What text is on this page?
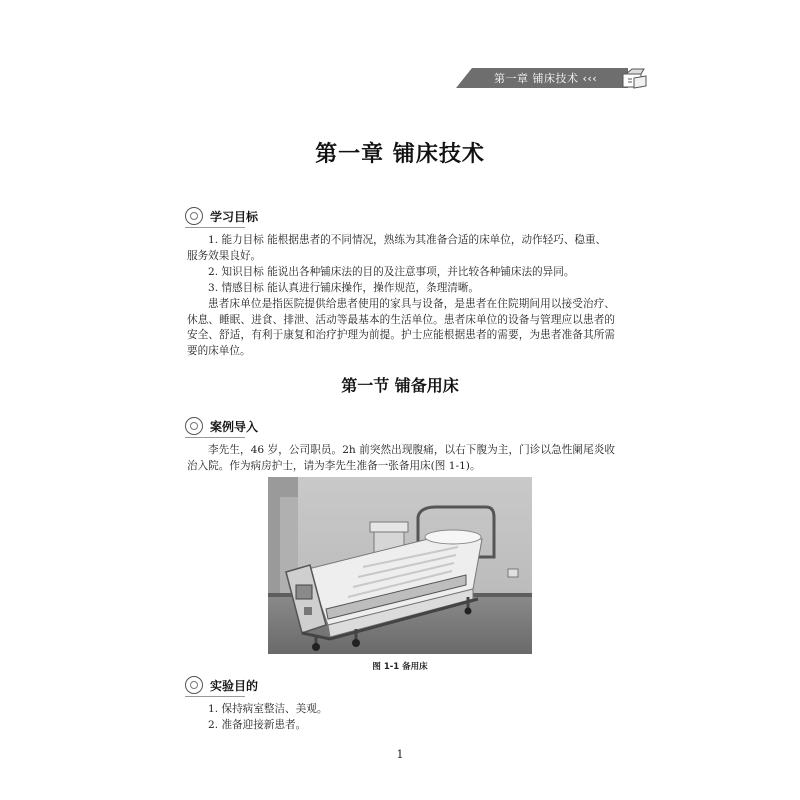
第一章 铺床技术 ‹‹‹
第一章 铺床技术
学习目标
1. 能力目标 能根据患者的不同情况，熟练为其准备合适的床单位，动作轻巧、稳重、
服务效果良好。
2. 知识目标 能说出各种铺床法的目的及注意事项，并比较各种铺床法的异同。
3. 情感目标 能认真进行铺床操作，操作规范，条理清晰。
患者床单位是指医院提供给患者使用的家具与设备，是患者在住院期间用以接受治疗、休息、睡眠、进食、排泄、活动等最基本的生活单位。患者床单位的设备与管理应以患者的安全、舒适，有利于康复和治疗护理为前提。护士应能根据患者的需要，为患者准备其所需要的床单位。
第一节 铺备用床
案例导入
李先生，46 岁，公司职员。2h 前突然出现腹痛，以右下腹为主，门诊以急性阑尾炎收治入院。作为病房护士，请为李先生准备一张备用床(图 1-1)。
图 1-1 备用床
实验目的
1. 保持病室整洁、美观。
2. 准备迎接新患者。
1
